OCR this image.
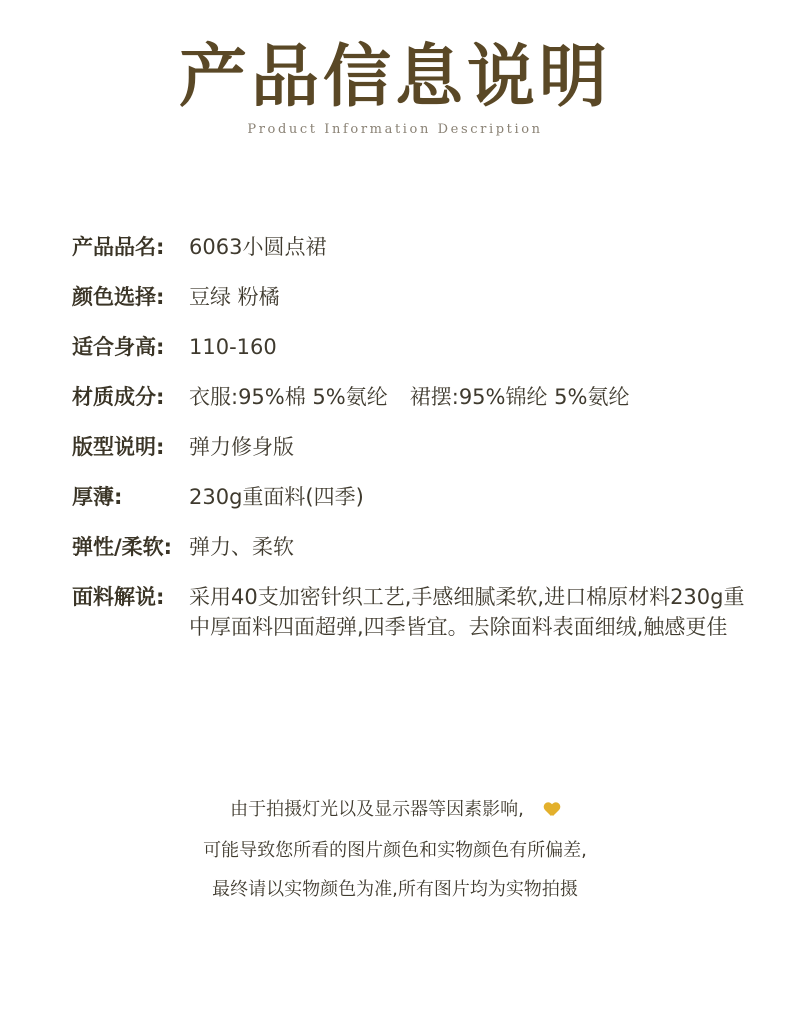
产品信息说明
Product Information Description
产品品名:	6063小圆点裙
颜色选择:	豆绿 粉橘
适合身高:	110-160
材质成分:	衣服:95%棉 5%氨纶 裙摆:95%锦纶 5%氨纶
版型说明:	弹力修身版
厚薄:	230g重面料(四季)
弹性/柔软: 弹力、柔软
面料解说:	采用40支加密针织工艺,手感细腻柔软,进口棉原材料230g重中厚面料四面超弹,四季皆宜。去除面料表面细绒,触感更佳
由于拍摄灯光以及显示器等因素影响,
可能导致您所看的图片颜色和实物颜色有所偏差,
最终请以实物颜色为准,所有图片均为实物拍摄
